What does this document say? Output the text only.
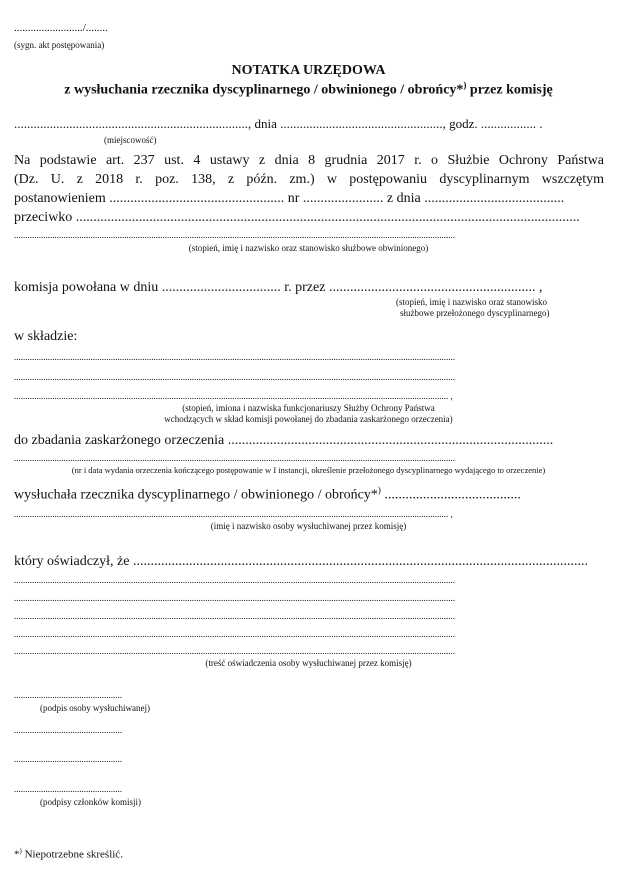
........................./........
(sygn. akt postępowania)
NOTATKA URZĘDOWA
z wysłuchania rzecznika dyscyplinarnego / obwinionego / obrońcy*) przez komisję
........................................................................, dnia .................................................., godz. ................. .
(miejscowość)
Na podstawie art. 237 ust. 4 ustawy z dnia 8 grudnia 2017 r. o Służbie Ochrony Państwa
(Dz. U. z 2018 r. poz. 138, z późn. zm.) w postępowaniu dyscyplinarnym wszczętym
postanowieniem .................................................. nr ....................... z dnia ........................................
przeciwko ................................................................................................................................................
....................................................................................................................................................................................................
(stopień, imię i nazwisko oraz stanowisko służbowe obwinionego)
komisja powołana w dniu .................................. r. przez ........................................................... ,
(stopień, imię i nazwisko oraz stanowisko
służbowe przełożonego dyscyplinarnego)
w składzie:
....................................................................................................................................................................................................
....................................................................................................................................................................................................
................................................................................................................................................................................................. ,
(stopień, imiona i nazwiska funkcjonariuszy Służby Ochrony Państwa
wchodzących w skład komisji powołanej do zbadania zaskarżonego orzeczenia)
do zbadania zaskarżonego orzeczenia .............................................................................................
....................................................................................................................................................................................................
(nr i data wydania orzeczenia kończącego postępowanie w I instancji, określenie przełożonego dyscyplinarnego wydającego to orzeczenie)
wysłuchała rzecznika dyscyplinarnego / obwinionego / obrońcy*) .......................................
................................................................................................................................................................................................. ,
(imię i nazwisko osoby wysłuchiwanej przez komisję)
który oświadczył, że ..................................................................................................................................
....................................................................................................................................................................................................
....................................................................................................................................................................................................
....................................................................................................................................................................................................
....................................................................................................................................................................................................
....................................................................................................................................................................................................
(treść oświadczenia osoby wysłuchiwanej przez komisję)
................................................
(podpis osoby wysłuchiwanej)
................................................
................................................
................................................
(podpisy członków komisji)
*) Niepotrzebne skreślić.
